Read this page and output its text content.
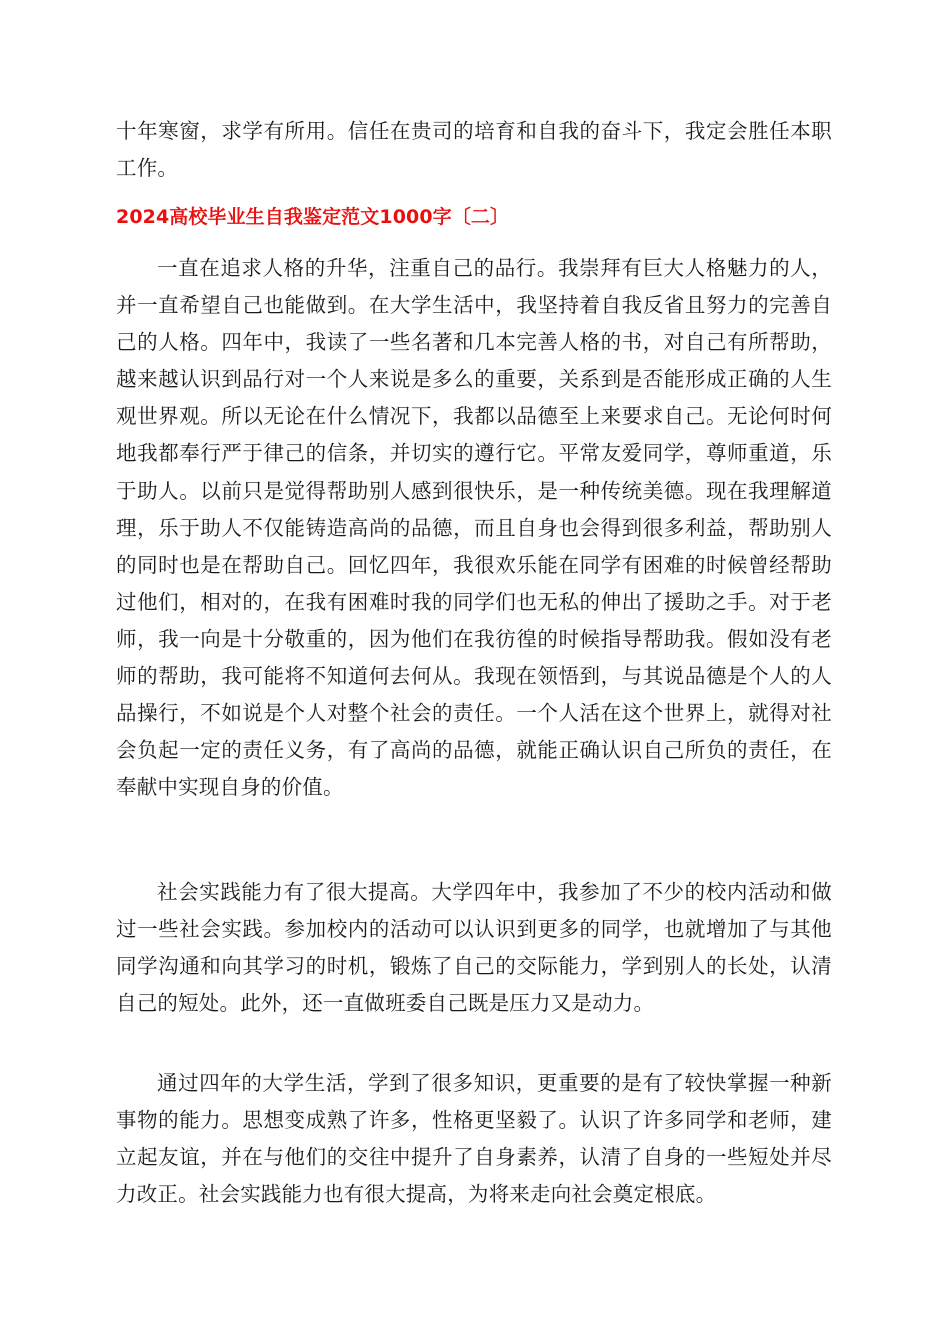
十年寒窗，求学有所用。信任在贵司的培育和自我的奋斗下，我定会胜任本职工作。

2024高校毕业生自我鉴定范文1000字〔二〕

一直在追求人格的升华，注重自己的品行。我崇拜有巨大人格魅力的人，并一直希望自己也能做到。在大学生活中，我坚持着自我反省且努力的完善自己的人格。四年中，我读了一些名著和几本完善人格的书，对自己有所帮助，越来越认识到品行对一个人来说是多么的重要，关系到是否能形成正确的人生观世界观。所以无论在什么情况下，我都以品德至上来要求自己。无论何时何地我都奉行严于律己的信条，并切实的遵行它。平常友爱同学，尊师重道，乐于助人。以前只是觉得帮助别人感到很快乐，是一种传统美德。现在我理解道理，乐于助人不仅能铸造高尚的品德，而且自身也会得到很多利益，帮助别人的同时也是在帮助自己。回忆四年，我很欢乐能在同学有困难的时候曾经帮助过他们，相对的，在我有困难时我的同学们也无私的伸出了援助之手。对于老师，我一向是十分敬重的，因为他们在我彷徨的时候指导帮助我。假如没有老师的帮助，我可能将不知道何去何从。我现在领悟到，与其说品德是个人的人品操行，不如说是个人对整个社会的责任。一个人活在这个世界上，就得对社会负起一定的责任义务，有了高尚的品德，就能正确认识自己所负的责任，在奉献中实现自身的价值。

社会实践能力有了很大提高。大学四年中，我参加了不少的校内活动和做过一些社会实践。参加校内的活动可以认识到更多的同学，也就增加了与其他同学沟通和向其学习的时机，锻炼了自己的交际能力，学到别人的长处，认清自己的短处。此外，还一直做班委自己既是压力又是动力。

通过四年的大学生活，学到了很多知识，更重要的是有了较快掌握一种新事物的能力。思想变成熟了许多，性格更坚毅了。认识了许多同学和老师，建立起友谊，并在与他们的交往中提升了自身素养，认清了自身的一些短处并尽力改正。社会实践能力也有很大提高，为将来走向社会奠定根底。
